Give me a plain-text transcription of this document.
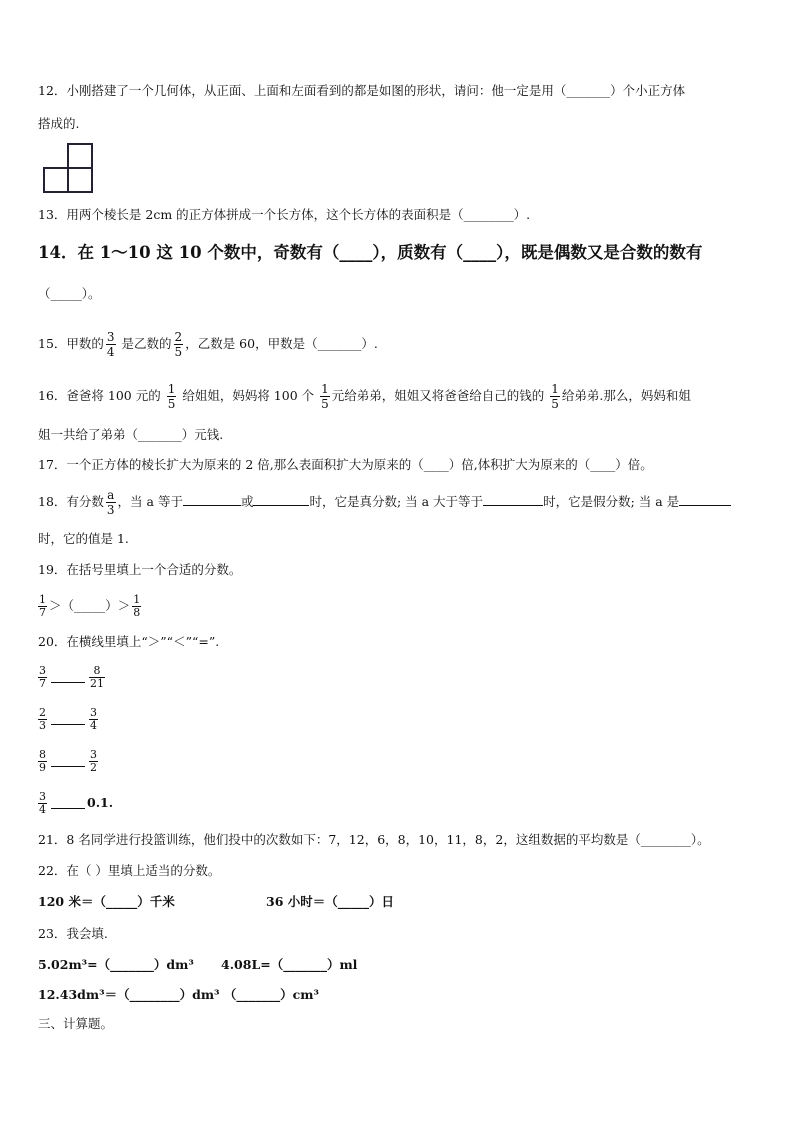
12．小刚搭建了一个几何体，从正面、上面和左面看到的都是如图的形状，请问：他一定是用（_______）个小正方体
搭成的.
13．用两个棱长是 2cm 的正方体拼成一个长方体，这个长方体的表面积是（________）.
14．在 1～10 这 10 个数中，奇数有（____），质数有（____），既是偶数又是合数的数有
（_____）。
15．甲数的 $\frac{3}{4}$ 是乙数的 $\frac{2}{5}$ ，乙数是 60，甲数是（_______）.
16．爸爸将 100 元的 $\frac{1}{5}$ 给姐姐，妈妈将 100 个 $\frac{1}{5}$ 元给弟弟，姐姐又将爸爸给自己的钱的 $\frac{1}{5}$ 给弟弟.那么，妈妈和姐
姐一共给了弟弟（_______）元钱.
17．一个正方体的棱长扩大为原来的 2 倍,那么表面积扩大为原来的（____）倍,体积扩大为原来的（____）倍。
18．有分数 $\frac{a}{3}$ ，当 a 等于	或	时，它是真分数; 当 a 大于等于	时，它是假分数; 当 a 是
时，它的值是 1.
19．在括号里填上一个合适的分数。
$\frac{1}{7}$ ＞（_____）＞ $\frac{1}{8}$
20．在横线里填上“＞”“＜”“=”.
$\frac{3}{7}$	$\frac{8}{21}$
$\frac{2}{3}$	$\frac{3}{4}$
$\frac{8}{9}$	$\frac{3}{2}$
$\frac{3}{4}$	0.1.
21．8 名同学进行投篮训练，他们投中的次数如下：7，12，6，8，10，11，8，2，这组数据的平均数是（________）。
22．在（ ）里填上适当的分数。
120 米＝（_____）千米	36 小时＝（_____）日
23．我会填.
5.02m³=（_______）dm³ 4.08L=（_______）ml
12.43dm³＝（________）dm³ （_______）cm³
三、计算题。
